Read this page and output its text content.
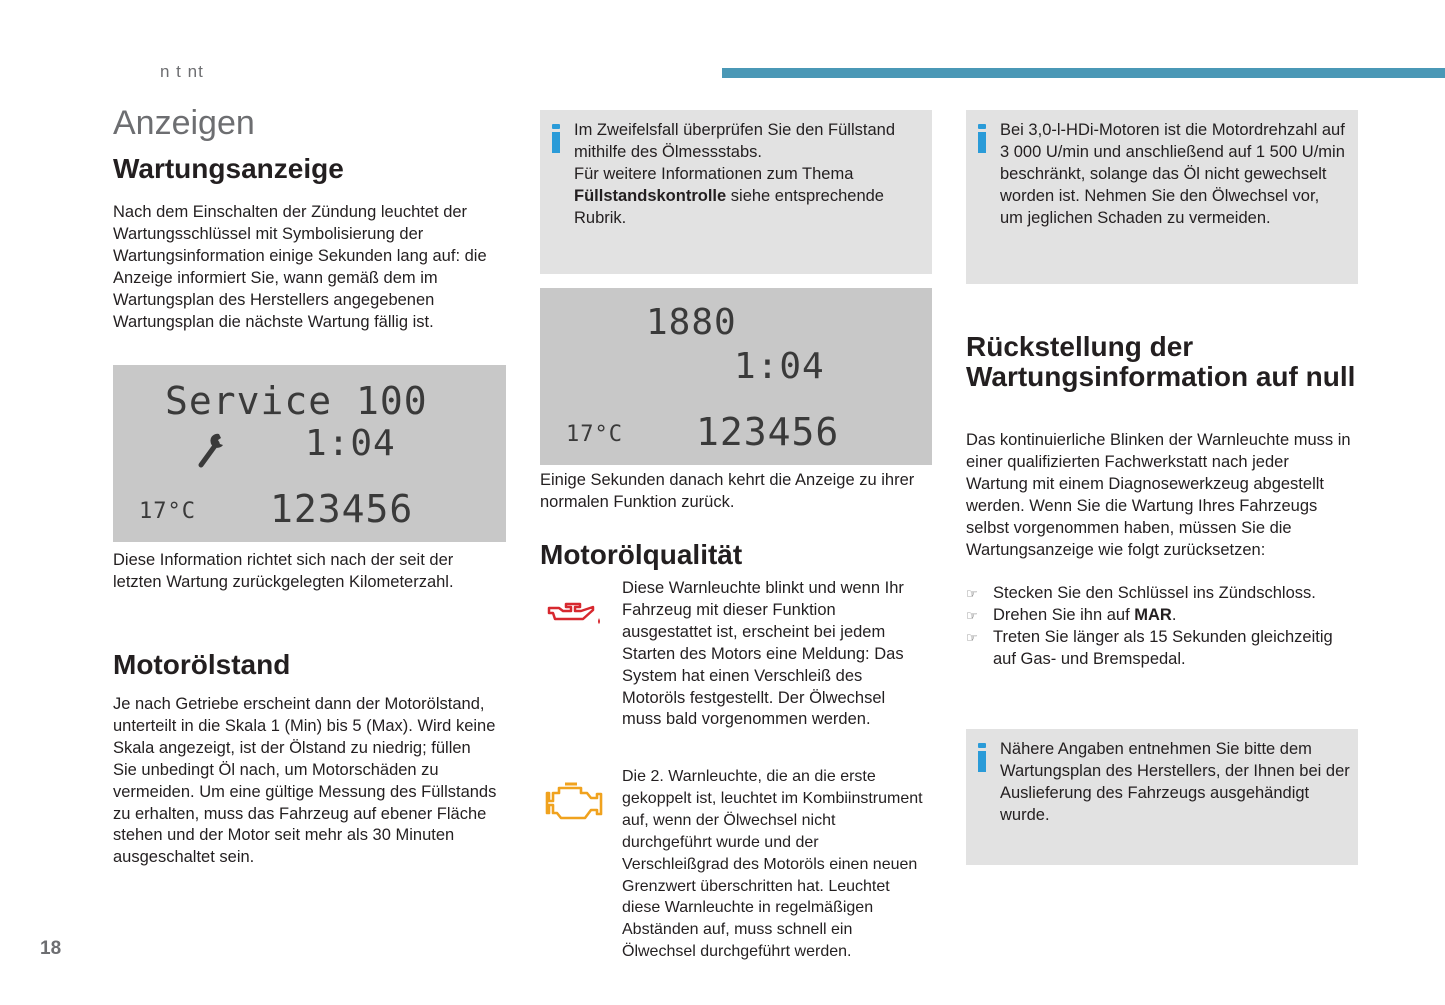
n t nt
Anzeigen
Wartungsanzeige

Nach dem Einschalten der Zündung leuchtet der Wartungsschlüssel mit Symbolisierung der Wartungsinformation einige Sekunden lang auf: die Anzeige informiert Sie, wann gemäß dem im Wartungsplan des Herstellers angegebenen Wartungsplan die nächste Wartung fällig ist.

Service 100
1:04
17°C 123456

Diese Information richtet sich nach der seit der letzten Wartung zurückgelegten Kilometerzahl.

Motorölstand

Je nach Getriebe erscheint dann der Motorölstand, unterteilt in die Skala 1 (Min) bis 5 (Max). Wird keine Skala angezeigt, ist der Ölstand zu niedrig; füllen Sie unbedingt Öl nach, um Motorschäden zu vermeiden. Um eine gültige Messung des Füllstands zu erhalten, muss das Fahrzeug auf ebener Fläche stehen und der Motor seit mehr als 30 Minuten ausgeschaltet sein.

18
Im Zweifelsfall überprüfen Sie den Füllstand mithilfe des Ölmessstabs.
Für weitere Informationen zum Thema Füllstandskontrolle siehe entsprechende Rubrik.
1880
1:04
17°C 123456

Einige Sekunden danach kehrt die Anzeige zu ihrer normalen Funktion zurück.

Motorölqualität

Diese Warnleuchte blinkt und wenn Ihr Fahrzeug mit dieser Funktion ausgestattet ist, erscheint bei jedem Starten des Motors eine Meldung: Das System hat einen Verschleiß des Motoröls festgestellt. Der Ölwechsel muss bald vorgenommen werden.

Die 2. Warnleuchte, die an die erste gekoppelt ist, leuchtet im Kombiinstrument auf, wenn der Ölwechsel nicht durchgeführt wurde und der Verschleißgrad des Motoröls einen neuen Grenzwert überschritten hat. Leuchtet diese Warnleuchte in regelmäßigen Abständen auf, muss schnell ein Ölwechsel durchgeführt werden.

Bei 3,0-l-HDi-Motoren ist die Motordrehzahl auf 3 000 U/min und anschließend auf 1 500 U/min beschränkt, solange das Öl nicht gewechselt worden ist. Nehmen Sie den Ölwechsel vor, um jeglichen Schaden zu vermeiden.
Rückstellung der Wartungsinformation auf null

Das kontinuierliche Blinken der Warnleuchte muss in einer qualifizierten Fachwerkstatt nach jeder Wartung mit einem Diagnosewerkzeug abgestellt werden. Wenn Sie die Wartung Ihres Fahrzeugs selbst vorgenommen haben, müssen Sie die Wartungsanzeige wie folgt zurücksetzen:

☞ Stecken Sie den Schlüssel ins Zündschloss.
☞ Drehen Sie ihn auf MAR.
☞ Treten Sie länger als 15 Sekunden gleichzeitig auf Gas- und Bremspedal.
Nähere Angaben entnehmen Sie bitte dem Wartungsplan des Herstellers, der Ihnen bei der Auslieferung des Fahrzeugs ausgehändigt wurde.
